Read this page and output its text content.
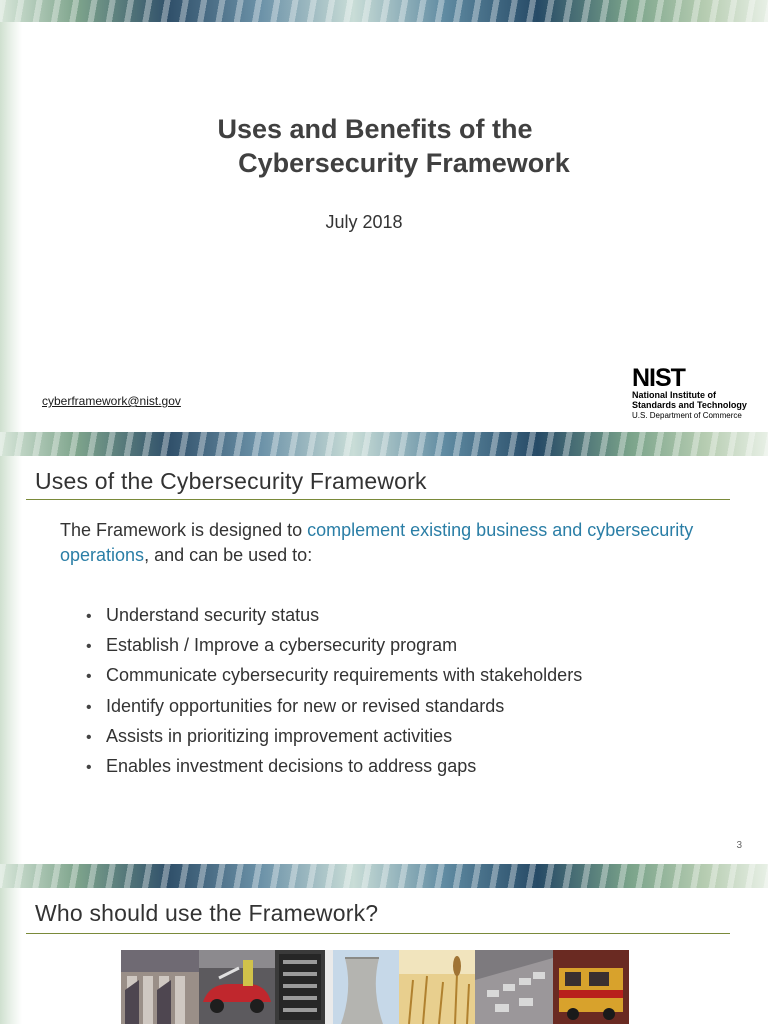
Uses and Benefits of the
Cybersecurity Framework
July 2018
cyberframework@nist.gov
NIST
National Institute of
Standards and Technology
U.S. Department of Commerce
Uses of the Cybersecurity Framework
The Framework is designed to complement existing business and cybersecurity operations, and can be used to:
• Understand security status
• Establish / Improve a cybersecurity program
• Communicate cybersecurity requirements with stakeholders
• Identify opportunities for new or revised standards
• Assists in prioritizing improvement activities
• Enables investment decisions to address gaps
3
Who should use the Framework?
